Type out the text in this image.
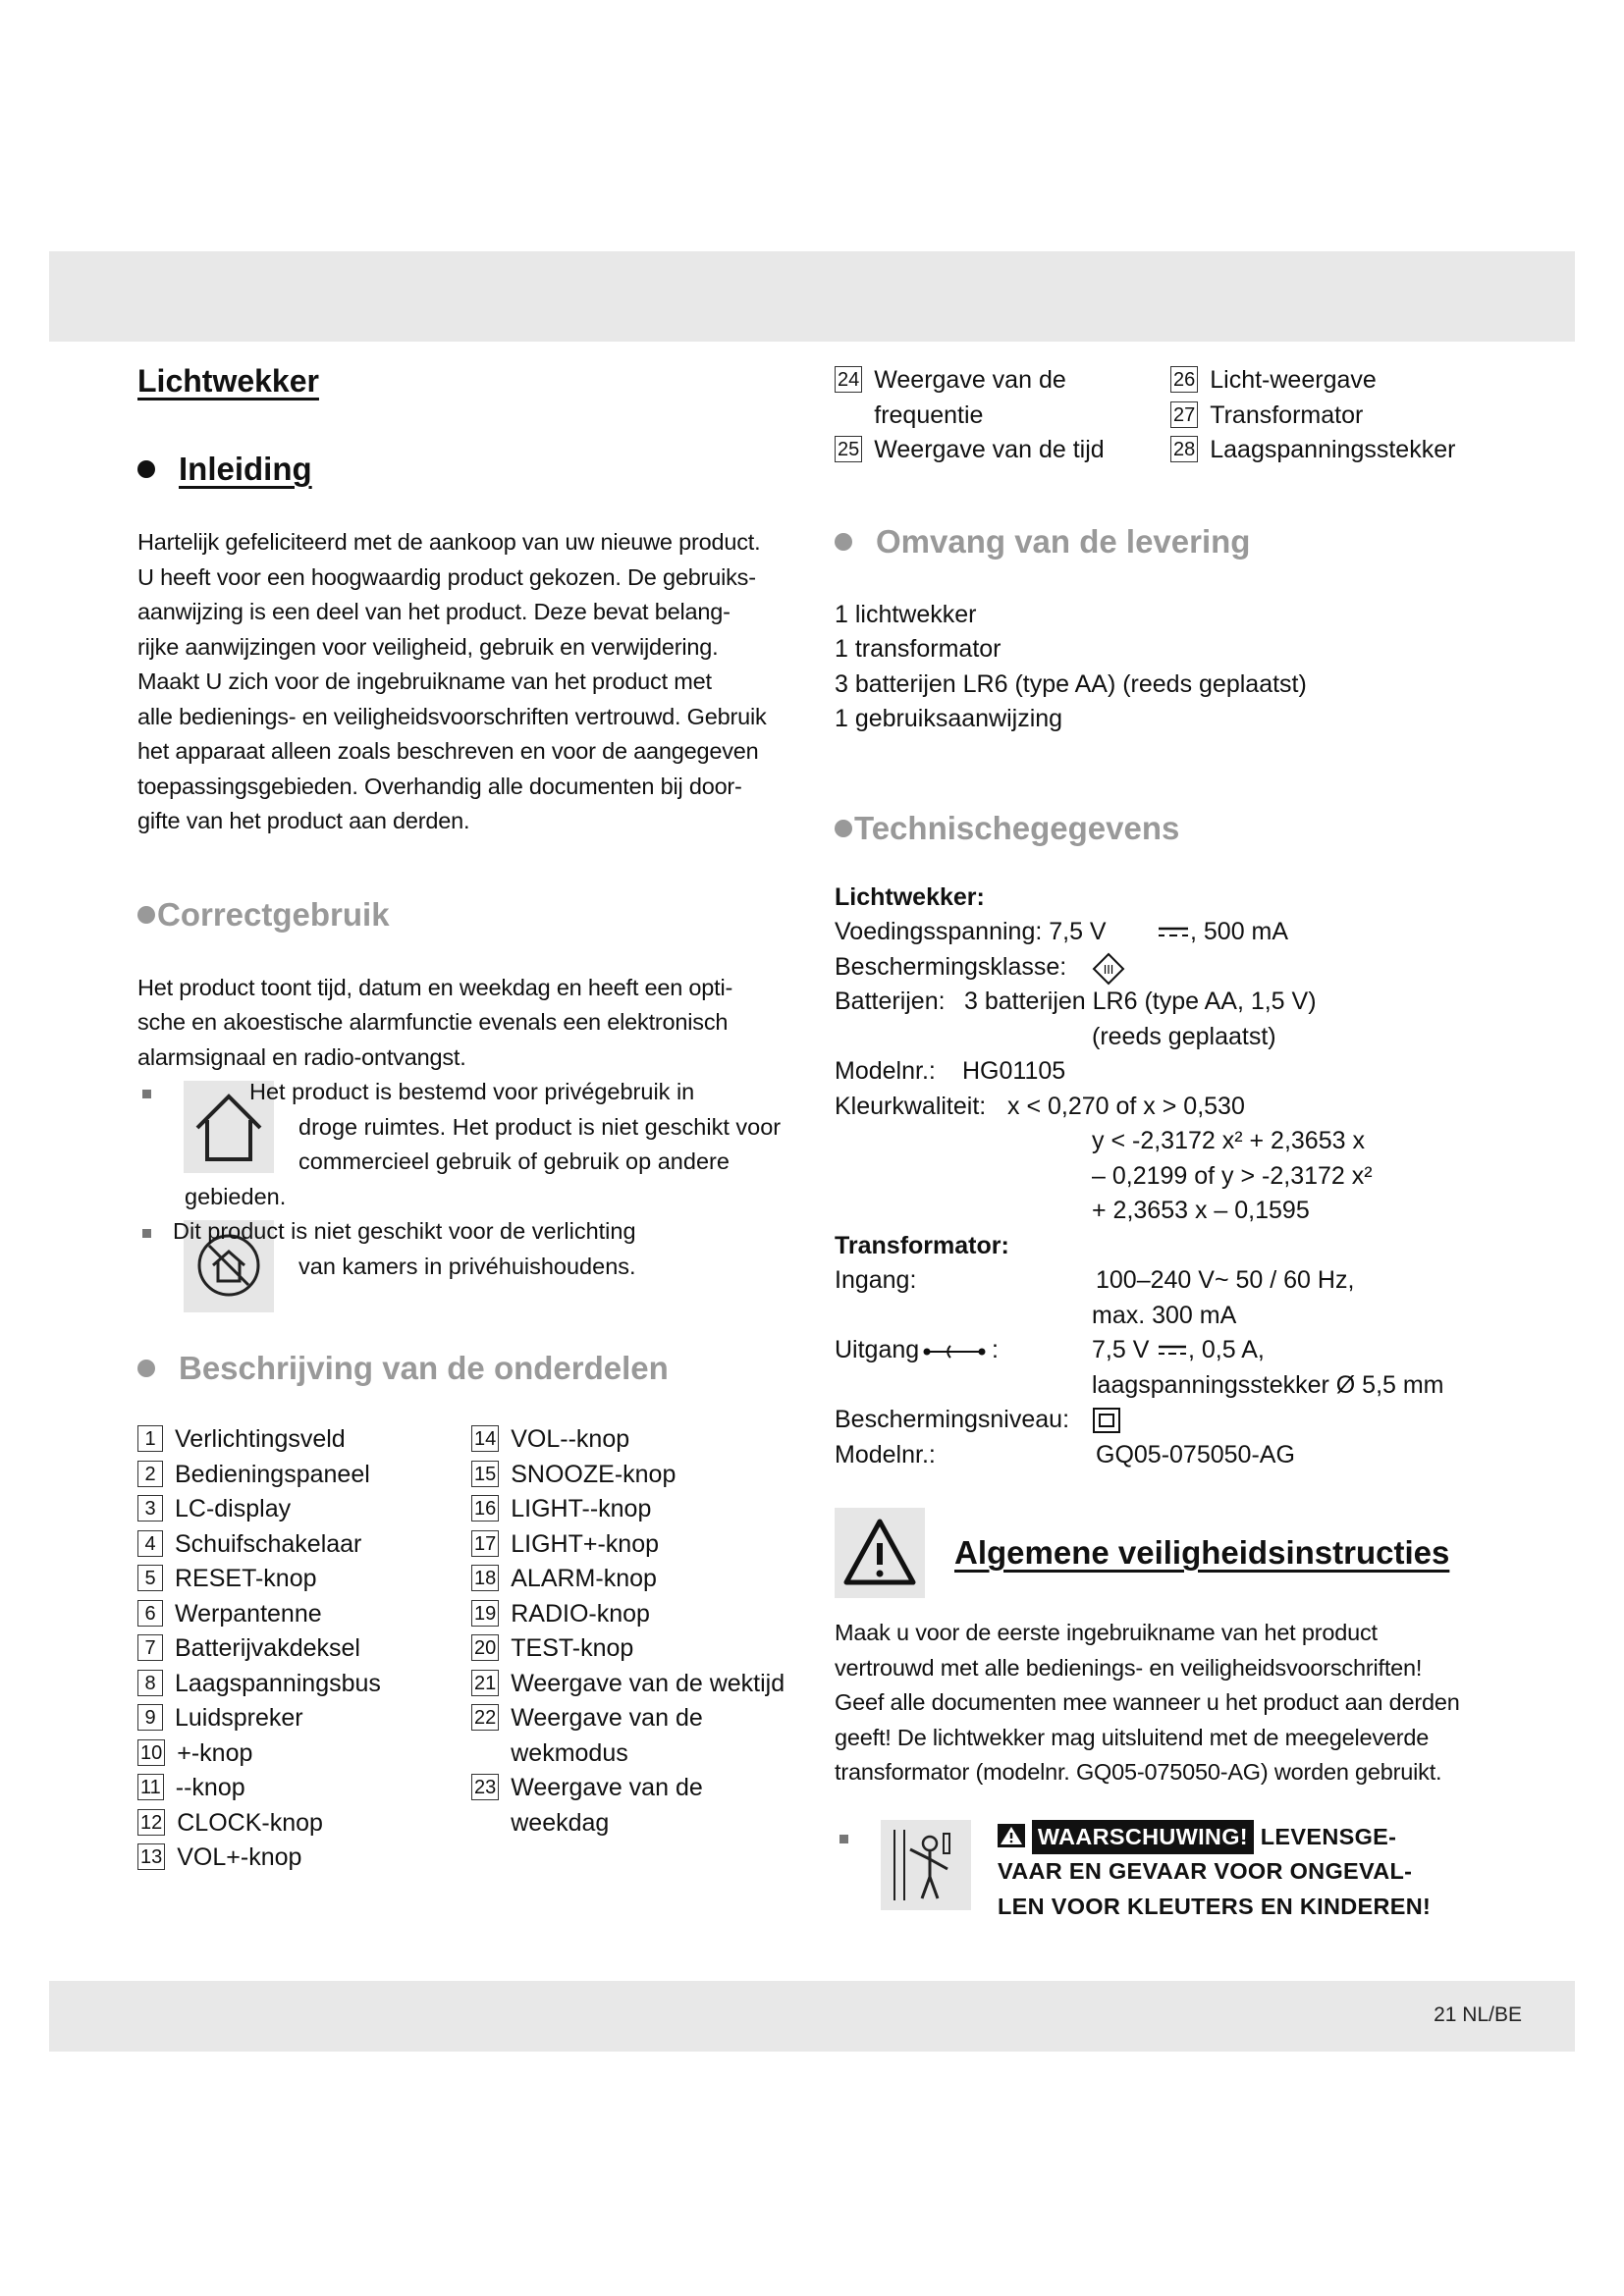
Lichtwekker
Inleiding

Hartelijk gefeliciteerd met de aankoop van uw nieuwe product.

U heeft voor een hoogwaardig product gekozen. De gebruiks-

aanwijzing is een deel van het product. Deze bevat belang-

rijke aanwijzingen voor veiligheid, gebruik en verwijdering.

Maakt U zich voor de ingebruikname van het product met

alle bedienings- en veiligheidsvoorschriften vertrouwd. Gebruik

het apparaat alleen zoals beschreven en voor de aangegeven

toepassingsgebieden. Overhandig alle documenten bij door-

gifte van het product aan derden.

Correctgebruik

Het product toont tijd, datum en weekdag en heeft een opti-

sche en akoestische alarmfunctie evenals een elektronisch

alarmsignaal en radio-ontvangst.

Het product is bestemd voor privégebruik in
droge ruimtes. Het product is niet geschikt voor
commercieel gebruik of gebruik op andere
gebieden.
Dit product is niet geschikt voor de verlichting
van kamers in privéhuishoudens.
Beschrijving van de onderdelen
1 Verlichtingsveld
2 Bedieningspaneel
3 LC-display
4 Schuifschakelaar
5 RESET-knop
6 Werpantenne
7 Batterijvakdeksel
8 Laagspanningsbus
9 Luidspreker
10 +-knop
11 --knop
12 CLOCK-knop
13 VOL+-knop
14 VOL--knop
15 SNOOZE-knop
16 LIGHT--knop
17 LIGHT+-knop
18 ALARM-knop
19 RADIO-knop
20 TEST-knop
21 Weergave van de wektijd
22 Weergave van de
wekmodus
23 Weergave van de
weekdag
24 Weergave van de
frequentie
25 Weergave van de tijd
26 Licht-weergave
27 Transformator
28 Laagspanningsstekker
Omvang van de levering

1 lichtwekker

1 transformator

3 batterijen LR6 (type AA) (reeds geplaatst)

1 gebruiksaanwijzing

Technischegegevens
Lichtwekker:
Voedingsspanning: 7,5 V	, 500 mA
Beschermingsklasse:	III
Batterijen: 3 batterijen LR6 (type AA, 1,5 V)
(reeds geplaatst)
Modelnr.: HG01105
Kleurkwaliteit: x < 0,270 of x > 0,530
y < -2,3172 x² + 2,3653 x
– 0,2199 of y > -2,3172 x²
+ 2,3653 x – 0,1595
Transformator:
Ingang:	100–240 V~ 50 / 60 Hz,
max. 300 mA
Uitgang	:	7,5 V , 0,5 A,
laagspanningsstekker Ø 5,5 mm
Beschermingsniveau:
Modelnr.:	GQ05-075050-AG
Algemene veiligheidsinstructies

Maak u voor de eerste ingebruikname van het product

vertrouwd met alle bedienings- en veiligheidsvoorschriften!

Geef alle documenten mee wanneer u het product aan derden

geeft! De lichtwekker mag uitsluitend met de meegeleverde

transformator (modelnr. GQ05-075050-AG) worden gebruikt.

WAARSCHUWING! LEVENSGE-
VAAR EN GEVAAR VOOR ONGEVAL-
LEN VOOR KLEUTERS EN KINDEREN!
21 NL/BE
